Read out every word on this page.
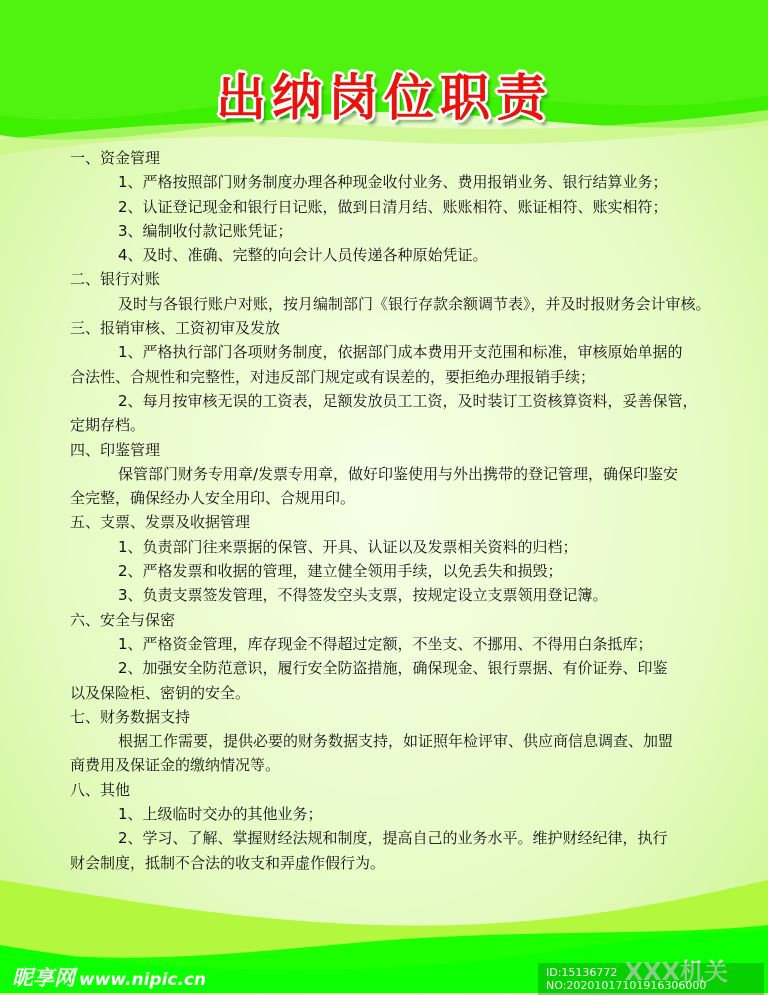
出纳岗位职责
一、资金管理
1、严格按照部门财务制度办理各种现金收付业务、费用报销业务、银行结算业务；
2、认证登记现金和银行日记账，做到日清月结、账账相符、账证相符、账实相符；
3、编制收付款记账凭证；
4、及时、准确、完整的向会计人员传递各种原始凭证。
二、银行对账
及时与各银行账户对账，按月编制部门《银行存款余额调节表》，并及时报财务会计审核。
三、报销审核、工资初审及发放
1、严格执行部门各项财务制度，依据部门成本费用开支范围和标准，审核原始单据的
合法性、合规性和完整性，对违反部门规定或有误差的，要拒绝办理报销手续；
2、每月按审核无误的工资表，足额发放员工工资，及时装订工资核算资料，妥善保管，
定期存档。
四、印鉴管理
保管部门财务专用章/发票专用章，做好印鉴使用与外出携带的登记管理，确保印鉴安
全完整，确保经办人安全用印、合规用印。
五、支票、发票及收据管理
1、负责部门往来票据的保管、开具、认证以及发票相关资料的归档；
2、严格发票和收据的管理，建立健全领用手续，以免丢失和损毁；
3、负责支票签发管理，不得签发空头支票，按规定设立支票领用登记簿。
六、安全与保密
1、严格资金管理，库存现金不得超过定额，不坐支、不挪用、不得用白条抵库；
2、加强安全防范意识，履行安全防盗措施，确保现金、银行票据、有价证券、印鉴
以及保险柜、密钥的安全。
七、财务数据支持
根据工作需要，提供必要的财务数据支持，如证照年检评审、供应商信息调查、加盟
商费用及保证金的缴纳情况等。
八、其他
1、上级临时交办的其他业务；
2、学习、了解、掌握财经法规和制度，提高自己的业务水平。维护财经纪律，执行
财会制度，抵制不合法的收支和弄虚作假行为。
昵享网 www.nipic.cn	XXX机关
ID:15136772 NO:20201017101916306000
